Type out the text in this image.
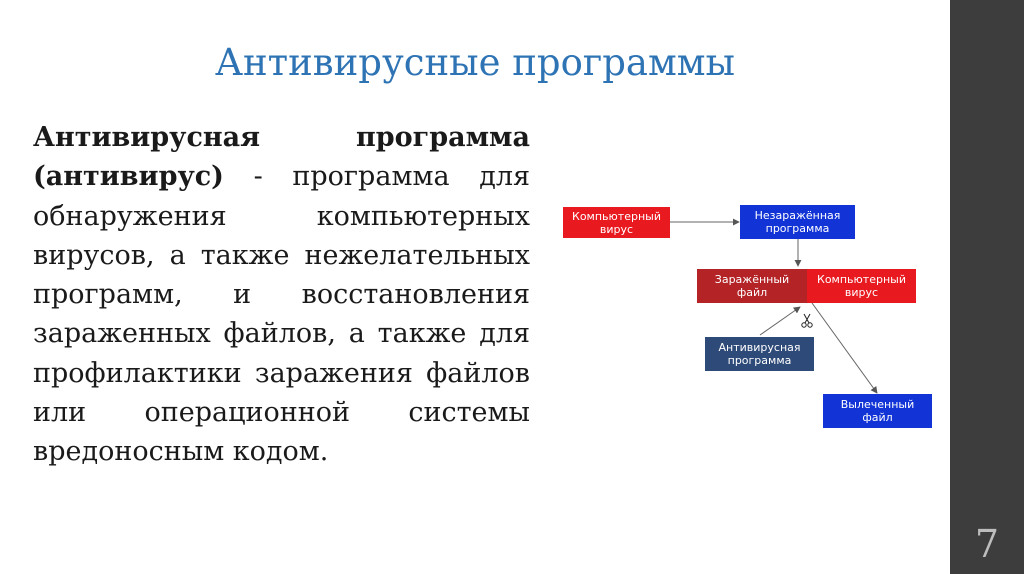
7
Антивирусные программы
Антивирусная программа (антивирус) - программа для обнаружения компьютерных вирусов, а также нежелательных программ, и восстановления зараженных файлов, а также для профилактики заражения файлов или операционной системы вредоносным кодом.
Компьютерный
вирус
Незаражённая
программа
Заражённый
файл
Компьютерный
вирус
Антивирусная
программа
Вылеченный
файл
